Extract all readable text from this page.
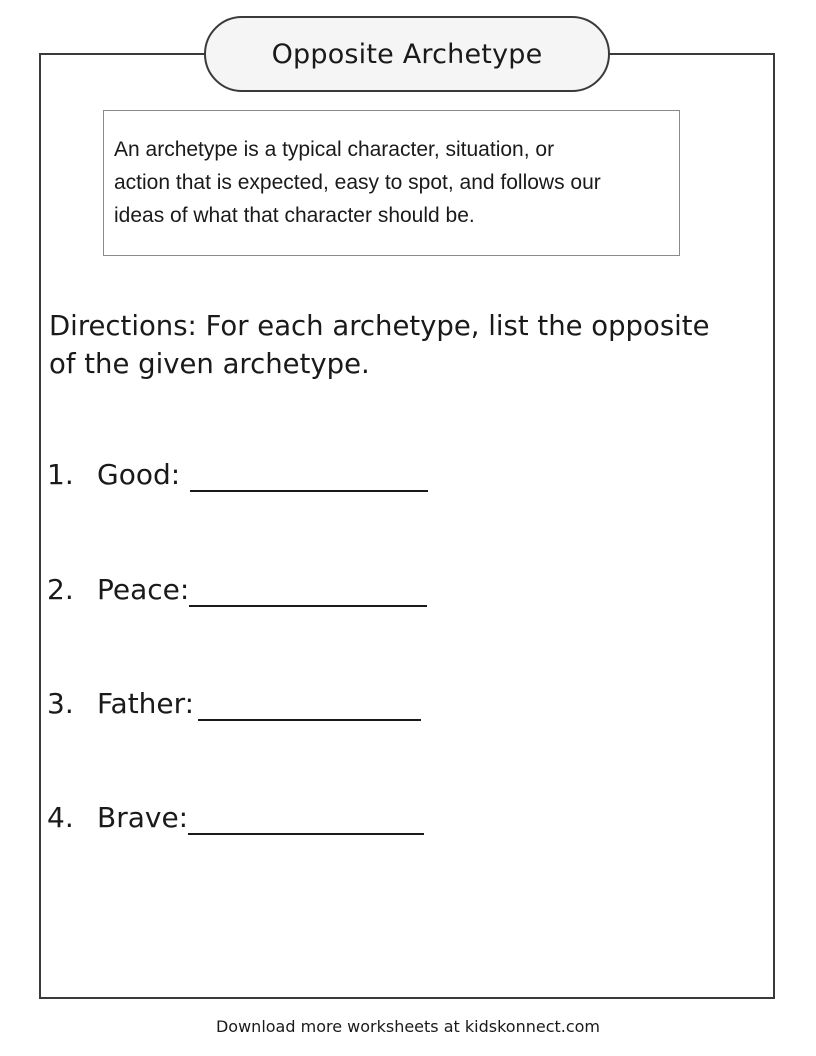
Opposite Archetype

An archetype is a typical character, situation, or
action that is expected, easy to spot, and follows our
ideas of what that character should be.

Directions: For each archetype, list the opposite
of the given archetype.

1. Good:
2. Peace:
3. Father:
4. Brave:
Download more worksheets at kidskonnect.com
